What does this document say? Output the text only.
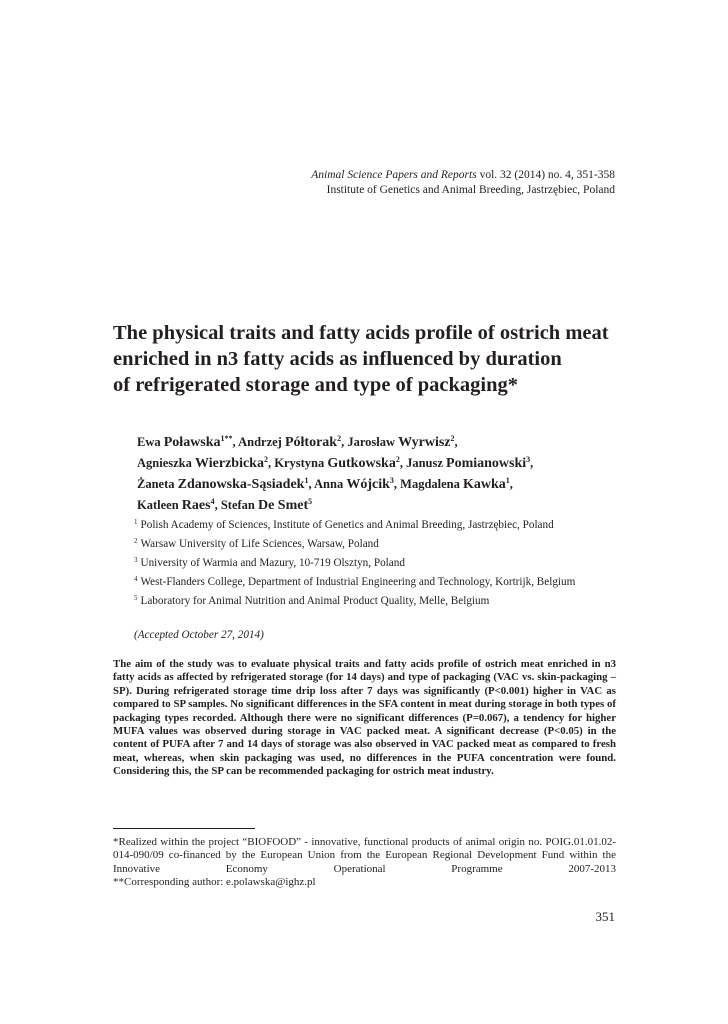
Animal Science Papers and Reports vol. 32 (2014) no. 4, 351-358
Institute of Genetics and Animal Breeding, Jastrzębiec, Poland
The physical traits and fatty acids profile of ostrich meat
enriched in n3 fatty acids as influenced by duration
of refrigerated storage and type of packaging*
Ewa Poławska$^{1**}$, Andrzej Półtorak$^2$, Jarosław Wyrwisz$^2$,
Agnieszka Wierzbicka$^2$, Krystyna Gutkowska$^2$, Janusz Pomianowski$^3$,
Żaneta Zdanowska-Sąsiadek$^1$, Anna Wójcik$^3$, Magdalena Kawka$^1$,
Katleen Raes$^4$, Stefan De Smet$^5$
$^1$ Polish Academy of Sciences, Institute of Genetics and Animal Breeding, Jastrzębiec, Poland
$^2$ Warsaw University of Life Sciences, Warsaw, Poland
$^3$ University of Warmia and Mazury, 10-719 Olsztyn, Poland
$^4$ West-Flanders College, Department of Industrial Engineering and Technology, Kortrijk, Belgium
$^5$ Laboratory for Animal Nutrition and Animal Product Quality, Melle, Belgium
(Accepted October 27, 2014)

The aim of the study was to evaluate physical traits and fatty acids profile of ostrich meat enriched in n3 fatty acids as affected by refrigerated storage (for 14 days) and type of packaging (VAC vs. skin-packaging – SP). During refrigerated storage time drip loss after 7 days was significantly (P<0.001) higher in VAC as compared to SP samples. No significant differences in the SFA content in meat during storage in both types of packaging types recorded. Although there were no significant differences (P=0.067), a tendency for higher MUFA values was observed during storage in VAC packed meat. A significant decrease (P<0.05) in the content of PUFA after 7 and 14 days of storage was also observed in VAC packed meat as compared to fresh meat, whereas, when skin packaging was used, no differences in the PUFA concentration were found. Considering this, the SP can be recommended packaging for ostrich meat industry.

*Realized within the project “BIOFOOD” - innovative, functional products of animal origin no. POIG.01.01.02-014-090/09 co-financed by the European Union from the European Regional Development Fund within the Innovative Economy Operational Programme 2007-2013

**Corresponding author: e.polawska@ighz.pl

351
